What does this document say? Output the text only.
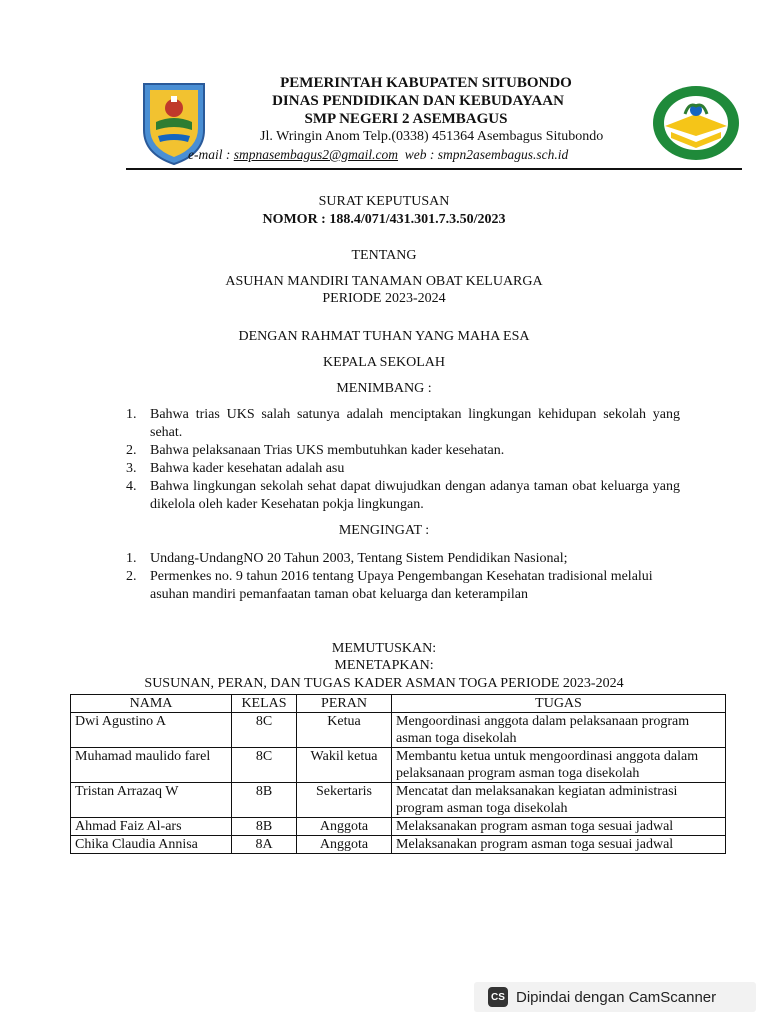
PEMERINTAH KABUPATEN SITUBONDO
DINAS PENDIDIKAN DAN KEBUDAYAAN
SMP NEGERI 2 ASEMBAGUS
Jl. Wringin Anom Telp.(0338) 451364 Asembagus Situbondo
e-mail : smpnasembagus2@gmail.com web : smpn2asembagus.sch.id
SURAT KEPUTUSAN
NOMOR : 188.4/071/431.301.7.3.50/2023
TENTANG
ASUHAN MANDIRI TANAMAN OBAT KELUARGA
PERIODE 2023-2024
DENGAN RAHMAT TUHAN YANG MAHA ESA
KEPALA SEKOLAH
MENIMBANG :
1. Bahwa trias UKS salah satunya adalah menciptakan lingkungan kehidupan sekolah yang sehat.
2. Bahwa pelaksanaan Trias UKS membutuhkan kader kesehatan.
3. Bahwa kader kesehatan adalah asu
4. Bahwa lingkungan sekolah sehat dapat diwujudkan dengan adanya taman obat keluarga yang dikelola oleh kader Kesehatan pokja lingkungan.
MENGINGAT :
1. Undang-UndangNO 20 Tahun 2003, Tentang Sistem Pendidikan Nasional;
2. Permenkes no. 9 tahun 2016 tentang Upaya Pengembangan Kesehatan tradisional melalui asuhan mandiri pemanfaatan taman obat keluarga dan keterampilan
MEMUTUSKAN:
MENETAPKAN:
SUSUNAN, PERAN, DAN TUGAS KADER ASMAN TOGA PERIODE 2023-2024
NAMA	KELAS	PERAN	TUGAS
Dwi Agustino A	8C	Ketua	Mengoordinasi anggota dalam pelaksanaan program asman toga disekolah
Muhamad maulido farel	8C	Wakil ketua	Membantu ketua untuk mengoordinasi anggota dalam pelaksanaan program asman toga disekolah
Tristan Arrazaq W	8B	Sekertaris	Mencatat dan melaksanakan kegiatan administrasi program asman toga disekolah
Ahmad Faiz Al-ars	8B	Anggota	Melaksanakan program asman toga sesuai jadwal
Chika Claudia Annisa	8A	Anggota	Melaksanakan program asman toga sesuai jadwal
CS Dipindai dengan CamScanner
